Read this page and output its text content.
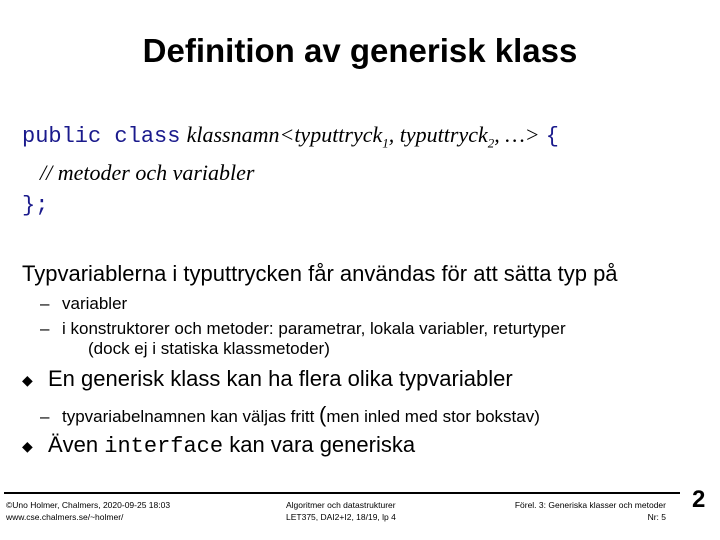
Definition av generisk klass
public class klassnamn<typuttryck$_1$, typuttryck$_2$, …> {
// metoder och variabler
};
Typvariablerna i typuttrycken får användas för att sätta typ på
– variabler
– i konstruktorer och metoder: parametrar, lokala variabler, returtyper
(dock ej i statiska klassmetoder)
◆ En generisk klass kan ha flera olika typvariabler
– typvariabelnamnen kan väljas fritt (men inled med stor bokstav)
◆ Även interface kan vara generiska
©Uno Holmer, Chalmers, 2020-09-25 18:03
www.cse.chalmers.se/~holmer/
Algoritmer och datastrukturer
LET375, DAI2+I2, 18/19, lp 4
Förel. 3: Generiska klasser och metoder
Nr: 5
2
